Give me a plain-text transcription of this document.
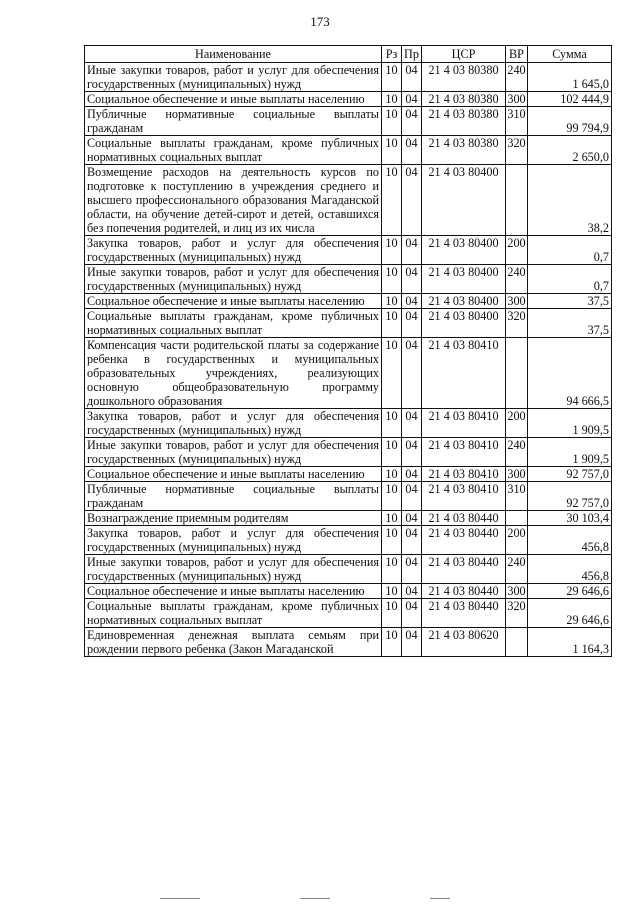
173
Наименование	Рз	Пр	ЦСР	ВР	Сумма
Иные закупки товаров, работ и услуг для обеспечения государственных (муниципальных) нужд	10	04	21 4 03 80380	240	1 645,0
Социальное обеспечение и иные выплаты населению	10	04	21 4 03 80380	300	102 444,9
Публичные нормативные социальные выплаты гражданам	10	04	21 4 03 80380	310	99 794,9
Социальные выплаты гражданам, кроме публичных нормативных социальных выплат	10	04	21 4 03 80380	320	2 650,0
Возмещение расходов на деятельность курсов по подготовке к поступлению в учреждения среднего и высшего профессионального образования Магаданской области, на обучение детей-сирот и детей, оставшихся без попечения родителей, и лиц из их числа	10	04	21 4 03 80400		38,2
Закупка товаров, работ и услуг для обеспечения государственных (муниципальных) нужд	10	04	21 4 03 80400	200	0,7
Иные закупки товаров, работ и услуг для обеспечения государственных (муниципальных) нужд	10	04	21 4 03 80400	240	0,7
Социальное обеспечение и иные выплаты населению	10	04	21 4 03 80400	300	37,5
Социальные выплаты гражданам, кроме публичных нормативных социальных выплат	10	04	21 4 03 80400	320	37,5
Компенсация части родительской платы за содержание ребенка в государственных и муниципальных образовательных учреждениях, реализующих основную общеобразовательную программу дошкольного образования	10	04	21 4 03 80410		94 666,5
Закупка товаров, работ и услуг для обеспечения государственных (муниципальных) нужд	10	04	21 4 03 80410	200	1 909,5
Иные закупки товаров, работ и услуг для обеспечения государственных (муниципальных) нужд	10	04	21 4 03 80410	240	1 909,5
Социальное обеспечение и иные выплаты населению	10	04	21 4 03 80410	300	92 757,0
Публичные нормативные социальные выплаты гражданам	10	04	21 4 03 80410	310	92 757,0
Вознаграждение приемным родителям	10	04	21 4 03 80440		30 103,4
Закупка товаров, работ и услуг для обеспечения государственных (муниципальных) нужд	10	04	21 4 03 80440	200	456,8
Иные закупки товаров, работ и услуг для обеспечения государственных (муниципальных) нужд	10	04	21 4 03 80440	240	456,8
Социальное обеспечение и иные выплаты населению	10	04	21 4 03 80440	300	29 646,6
Социальные выплаты гражданам, кроме публичных нормативных социальных выплат	10	04	21 4 03 80440	320	29 646,6
Единовременная денежная выплата семьям при рождении первого ребенка (Закон Магаданской	10	04	21 4 03 80620		1 164,3
